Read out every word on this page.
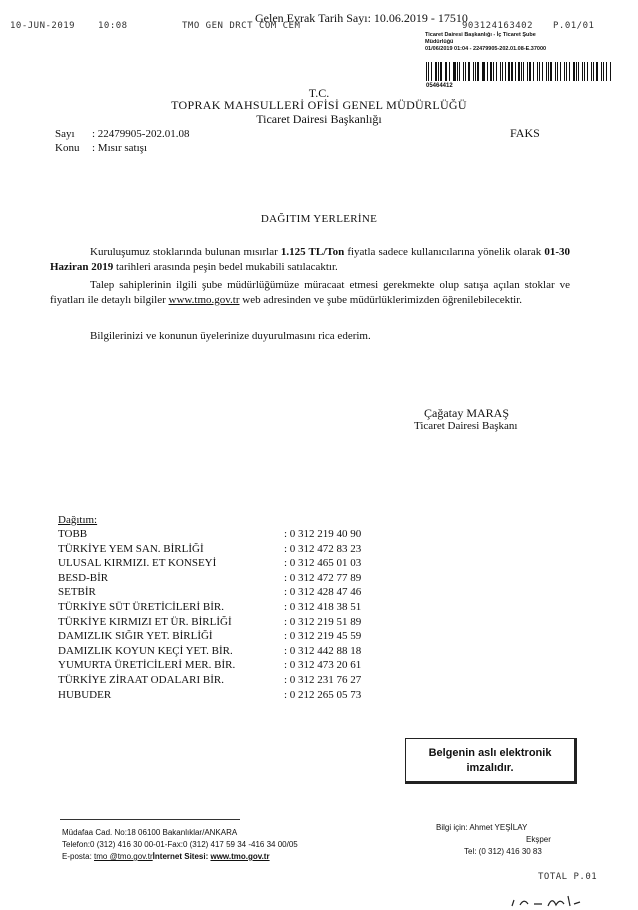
10-JUN-2019	10:08	TMO GEN DRCT COM CEM	903124163402 P.01/01
Gelen Evrak Tarih Sayı: 10.06.2019 - 17510
Ticaret Dairesi Başkanlığı - İç Ticaret Şube
Müdürlüğü
01/06/2019 01:04 - 22479905-202.01.08-E.37000
05464412
T.C.
TOPRAK MAHSULLERİ OFİSİ GENEL MÜDÜRLÜĞÜ
Ticaret Dairesi Başkanlığı
Sayı : 22479905-202.01.08
Konu : Mısır satışı
FAKS
DAĞITIM YERLERİNE
Kuruluşumuz stoklarında bulunan mısırlar 1.125 TL/Ton fiyatla sadece kullanıcılarına yönelik olarak 01-30 Haziran 2019 tarihleri arasında peşin bedel mukabili satılacaktır.
Talep sahiplerinin ilgili şube müdürlüğümüze müracaat etmesi gerekmekte olup satışa açılan stoklar ve fiyatları ile detaylı bilgiler www.tmo.gov.tr web adresinden ve şube müdürlüklerimizden öğrenilebilecektir.
Bilgilerinizi ve konunun üyelerinize duyurulmasını rica ederim.
Çağatay MARAŞ
Ticaret Dairesi Başkanı
Dağıtım:
TOBB	: 0 312 219 40 90
TÜRKİYE YEM SAN. BİRLİĞİ	: 0 312 472 83 23
ULUSAL KIRMIZI. ET KONSEYİ	: 0 312 465 01 03
BESD-BİR	: 0 312 472 77 89
SETBİR	: 0 312 428 47 46
TÜRKİYE SÜT ÜRETİCİLERİ BİR.	: 0 312 418 38 51
TÜRKİYE KIRMIZI ET ÜR. BİRLİĞİ	: 0 312 219 51 89
DAMIZLIK SIĞIR YET. BİRLİĞİ	: 0 312 219 45 59
DAMIZLIK KOYUN KEÇİ YET. BİR.	: 0 312 442 88 18
YUMURTA ÜRETİCİLERİ MER. BİR.	: 0 312 473 20 61
TÜRKİYE ZİRAAT ODALARI BİR.	: 0 312 231 76 27
HUBUDER	: 0 212 265 05 73
Belgenin aslı elektronik
imzalıdır.
Müdafaa Cad. No:18 06100 Bakanlıklar/ANKARA
Telefon:0 (312) 416 30 00-01-Fax:0 (312) 417 59 34 -416 34 00/05
E-posta: tmo @tmo.gov.trİnternet Sitesi: www.tmo.gov.tr
Bilgi için: Ahmet YEŞİLAY
Ekşper
Tel: (0 312) 416 30 83
TOTAL P.01
